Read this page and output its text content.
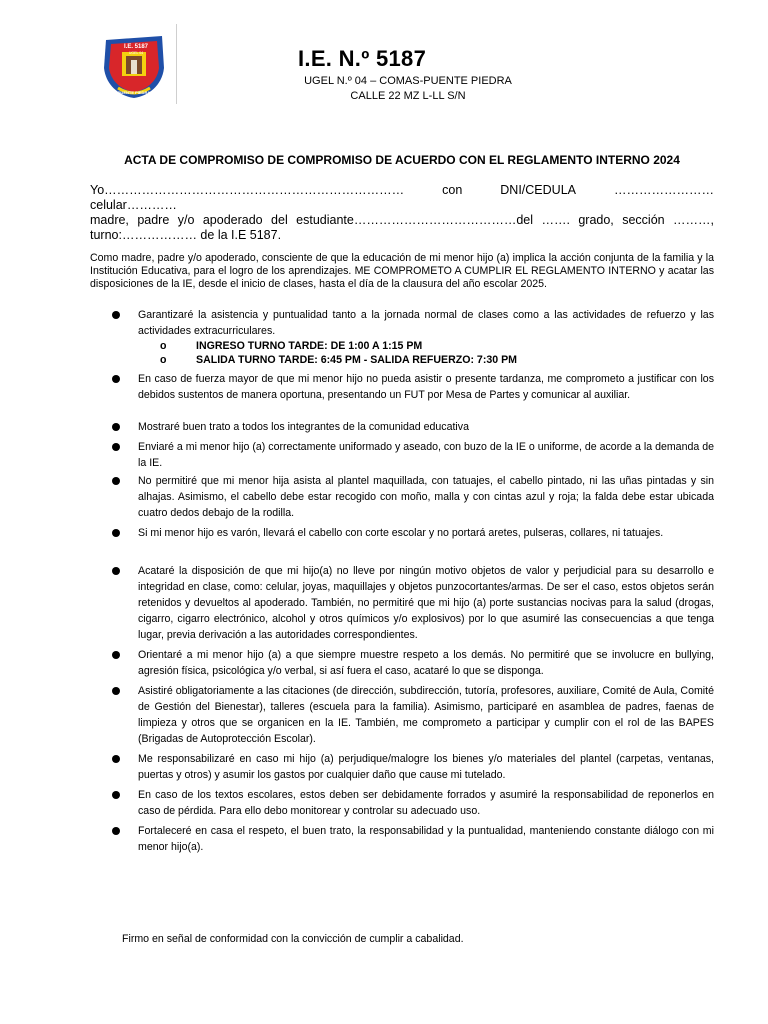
I.E. 5187
UGEL 04
PUENTE PIEDRA
I.E. N.º 5187
UGEL N.º 04 – COMAS-PUENTE PIEDRA
CALLE 22 MZ L-LL S/N
ACTA DE COMPROMISO DE COMPROMISO DE ACUERDO CON EL REGLAMENTO INTERNO 2024
Yo………………………………………………………………	con	DNI/CEDULA	……………………
celular…………
madre, padre y/o apoderado del estudiante…………………………………del ……. grado, sección ………,
turno:……………… de la I.E 5187.
Como madre, padre y/o apoderado, consciente de que la educación de mi menor hijo (a) implica la acción conjunta de la familia y la Institución Educativa, para el logro de los aprendizajes. ME COMPROMETO A CUMPLIR EL REGLAMENTO INTERNO y acatar las disposiciones de la IE, desde el inicio de clases, hasta el día de la clausura del año escolar 2025.
Garantizaré la asistencia y puntualidad tanto a la jornada normal de clases como a las actividades de refuerzo y las actividades extracurriculares.
o	INGRESO TURNO TARDE: DE 1:00 A 1:15 PM
o	SALIDA TURNO TARDE: 6:45 PM - SALIDA REFUERZO: 7:30 PM
En caso de fuerza mayor de que mi menor hijo no pueda asistir o presente tardanza, me comprometo a justificar con los debidos sustentos de manera oportuna, presentando un FUT por Mesa de Partes y comunicar al auxiliar.
Mostraré buen trato a todos los integrantes de la comunidad educativa
Enviaré a mi menor hijo (a) correctamente uniformado y aseado, con buzo de la IE o uniforme, de acorde a la demanda de la IE.
No permitiré que mi menor hija asista al plantel maquillada, con tatuajes, el cabello pintado, ni las uñas pintadas y sin alhajas. Asimismo, el cabello debe estar recogido con moño, malla y con cintas azul y roja; la falda debe estar ubicada cuatro dedos debajo de la rodilla.
Si mi menor hijo es varón, llevará el cabello con corte escolar y no portará aretes, pulseras, collares, ni tatuajes.
Acataré la disposición de que mi hijo(a) no lleve por ningún motivo objetos de valor y perjudicial para su desarrollo e integridad en clase, como: celular, joyas, maquillajes y objetos punzocortantes/armas. De ser el caso, estos objetos serán retenidos y devueltos al apoderado. También, no permitiré que mi hijo (a) porte sustancias nocivas para la salud (drogas, cigarro, cigarro electrónico, alcohol y otros químicos y/o explosivos) por lo que asumiré las consecuencias a que tenga lugar, previa derivación a las autoridades correspondientes.
Orientaré a mi menor hijo (a) a que siempre muestre respeto a los demás. No permitiré que se involucre en bullying, agresión física, psicológica y/o verbal, si así fuera el caso, acataré lo que se disponga.
Asistiré obligatoriamente a las citaciones (de dirección, subdirección, tutoría, profesores, auxiliare, Comité de Aula, Comité de Gestión del Bienestar), talleres (escuela para la familia). Asimismo, participaré en asamblea de padres, faenas de limpieza y otros que se organicen en la IE. También, me comprometo a participar y cumplir con el rol de las BAPES (Brigadas de Autoprotección Escolar).
Me responsabilizaré en caso mi hijo (a) perjudique/malogre los bienes y/o materiales del plantel (carpetas, ventanas, puertas y otros) y asumir los gastos por cualquier daño que cause mi tutelado.
En caso de los textos escolares, estos deben ser debidamente forrados y asumiré la responsabilidad de reponerlos en caso de pérdida. Para ello debo monitorear y controlar su adecuado uso.
Fortaleceré en casa el respeto, el buen trato, la responsabilidad y la puntualidad, manteniendo constante diálogo con mi menor hijo(a).
Firmo en señal de conformidad con la convicción de cumplir a cabalidad.
